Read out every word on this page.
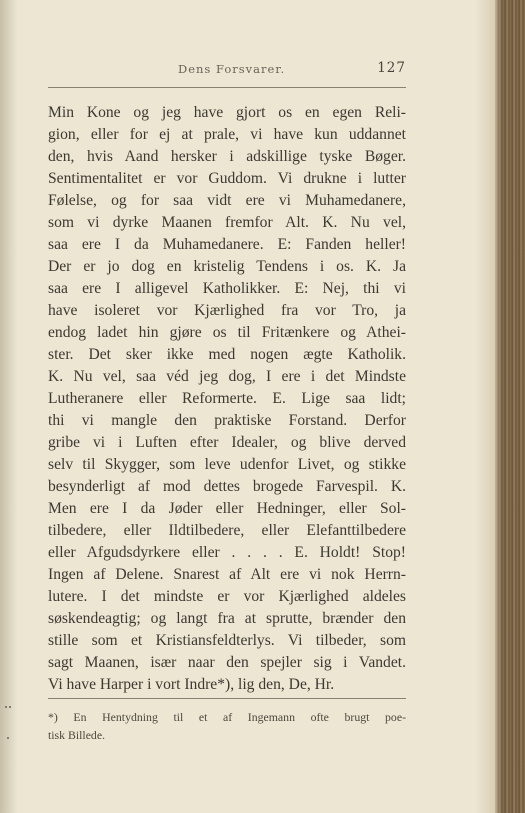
Dens Forsvarer.	127
Min Kone og jeg have gjort os en egen Reli-
gion, eller for ej at prale, vi have kun uddannet
den, hvis Aand hersker i adskillige tyske Bøger.
Sentimentalitet er vor Guddom. Vi drukne i lutter
Følelse, og for saa vidt ere vi Muhamedanere,
som vi dyrke Maanen fremfor Alt. K. Nu vel,
saa ere I da Muhamedanere. E: Fanden heller!
Der er jo dog en kristelig Tendens i os. K. Ja
saa ere I alligevel Katholikker. E: Nej, thi vi
have isoleret vor Kjærlighed fra vor Tro, ja
endog ladet hin gjøre os til Fritænkere og Athei-
ster. Det sker ikke med nogen ægte Katholik.
K. Nu vel, saa véd jeg dog, I ere i det Mindste
Lutheranere eller Reformerte. E. Lige saa lidt;
thi vi mangle den praktiske Forstand. Derfor
gribe vi i Luften efter Idealer, og blive derved
selv til Skygger, som leve udenfor Livet, og stikke
besynderligt af mod dettes brogede Farvespil. K.
Men ere I da Jøder eller Hedninger, eller Sol-
tilbedere, eller Ildtilbedere, eller Elefanttilbedere
eller Afgudsdyrkere eller . . . . E. Holdt! Stop!
Ingen af Delene. Snarest af Alt ere vi nok Herrn-
lutere. I det mindste er vor Kjærlighed aldeles
søskendeagtig; og langt fra at sprutte, brænder den
stille som et Kristiansfeldterlys. Vi tilbeder, som
sagt Maanen, især naar den spejler sig i Vandet.
Vi have Harper i vort Indre*), lig den, De, Hr.
*) En Hentydning til et af Ingemann ofte brugt poe-
tisk Billede.
